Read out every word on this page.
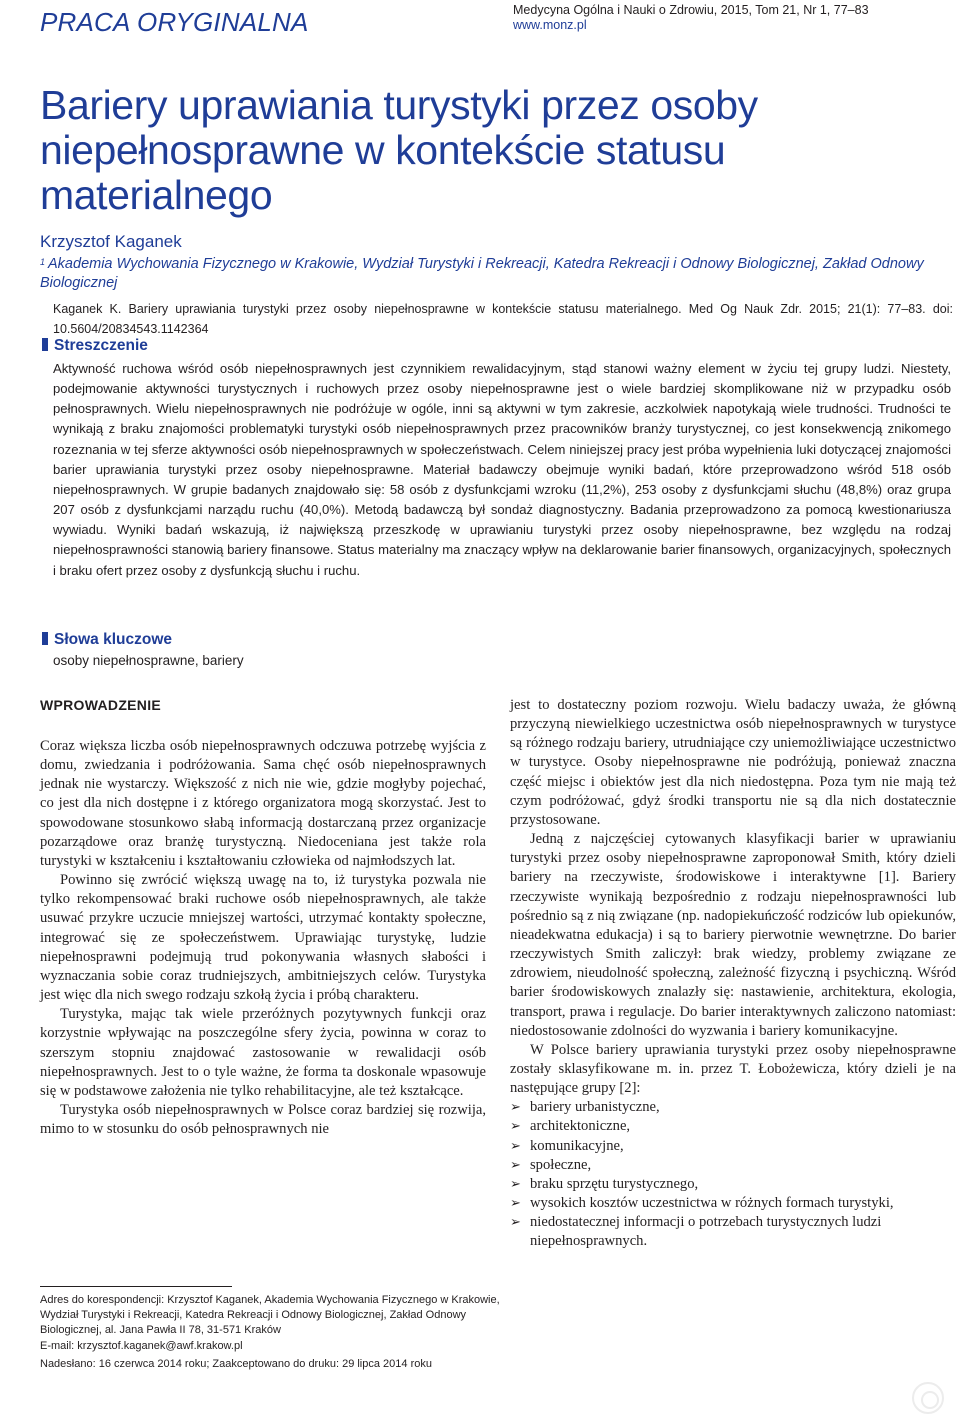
PRACA ORYGINALNA	Medycyna Ogólna i Nauki o Zdrowiu, 2015, Tom 21, Nr 1, 77–83
www.monz.pl
Bariery uprawiania turystyki przez osoby niepełnosprawne w kontekście statusu materialnego
Krzysztof Kaganek
$^1$ Akademia Wychowania Fizycznego w Krakowie, Wydział Turystyki i Rekreacji, Katedra Rekreacji i Odnowy Biologicznej, Zakład Odnowy Biologicznej
Kaganek K. Bariery uprawiania turystyki przez osoby niepełnosprawne w kontekście statusu materialnego. Med Og Nauk Zdr. 2015; 21(1): 77–83. doi: 10.5604/20834543.1142364
Streszczenie

Aktywność ruchowa wśród osób niepełnosprawnych jest czynnikiem rewalidacyjnym, stąd stanowi ważny element w życiu tej grupy ludzi. Niestety, podejmowanie aktywności turystycznych i ruchowych przez osoby niepełnosprawne jest o wiele bardziej skomplikowane niż w przypadku osób pełnosprawnych. Wielu niepełnosprawnych nie podróżuje w ogóle, inni są aktywni w tym zakresie, aczkolwiek napotykają wiele trudności. Trudności te wynikają z braku znajomości problematyki turystyki osób niepełnosprawnych przez pracowników branży turystycznej, co jest konsekwencją znikomego rozeznania w tej sferze aktywności osób niepełnosprawnych w społeczeństwach. Celem niniejszej pracy jest próba wypełnienia luki dotyczącej znajomości barier uprawiania turystyki przez osoby niepełnosprawne. Materiał badawczy obejmuje wyniki badań, które przeprowadzono wśród 518 osób niepełnosprawnych. W grupie badanych znajdowało się: 58 osób z dysfunkcjami wzroku (11,2%), 253 osoby z dysfunkcjami słuchu (48,8%) oraz grupa 207 osób z dysfunkcjami narządu ruchu (40,0%). Metodą badawczą był sondaż diagnostyczny. Badania przeprowadzono za pomocą kwestionariusza wywiadu. Wyniki badań wskazują, iż największą przeszkodę w uprawianiu turystyki przez osoby niepełnosprawne, bez względu na rodzaj niepełnosprawności stanowią bariery finansowe. Status materialny ma znaczący wpływ na deklarowanie barier finansowych, organizacyjnych, społecznych i braku ofert przez osoby z dysfunkcją słuchu i ruchu.

Słowa kluczowe
osoby niepełnosprawne, bariery
WPROWADZENIE

Coraz większa liczba osób niepełnosprawnych odczuwa potrzebę wyjścia z domu, zwiedzania i podróżowania. Sama chęć osób niepełnosprawnych jednak nie wystarczy. Większość z nich nie wie, gdzie mogłyby pojechać, co jest dla nich dostępne i z którego organizatora mogą skorzystać. Jest to spowodowane stosunkowo słabą informacją dostarczaną przez organizacje pozarządowe oraz branżę turystyczną. Niedoceniana jest także rola turystyki w kształceniu i kształtowaniu człowieka od najmłodszych lat.

Powinno się zwrócić większą uwagę na to, iż turystyka pozwala nie tylko rekompensować braki ruchowe osób niepełnosprawnych, ale także usuwać przykre uczucie mniejszej wartości, utrzymać kontakty społeczne, integrować się ze społeczeństwem. Uprawiając turystykę, ludzie niepełnosprawni podejmują trud pokonywania własnych słabości i wyznaczania sobie coraz trudniejszych, ambitniejszych celów. Turystyka jest więc dla nich swego rodzaju szkołą życia i próbą charakteru.

Turystyka, mając tak wiele przeróżnych pozytywnych funkcji oraz korzystnie wpływając na poszczególne sfery życia, powinna w coraz to szerszym stopniu znajdować zastosowanie w rewalidacji osób niepełnosprawnych. Jest to o tyle ważne, że forma ta doskonale wpasowuje się w podstawowe założenia nie tylko rehabilitacyjne, ale też kształcące.

Turystyka osób niepełnosprawnych w Polsce coraz bardziej się rozwija, mimo to w stosunku do osób pełnosprawnych nie

jest to dostateczny poziom rozwoju. Wielu badaczy uważa, że główną przyczyną niewielkiego uczestnictwa osób niepełnosprawnych w turystyce są różnego rodzaju bariery, utrudniające czy uniemożliwiające uczestnictwo w turystyce. Osoby niepełnosprawne nie podróżują, ponieważ znaczna część miejsc i obiektów jest dla nich niedostępna. Poza tym nie mają też czym podróżować, gdyż środki transportu nie są dla nich dostatecznie przystosowane.

Jedną z najczęściej cytowanych klasyfikacji barier w uprawianiu turystyki przez osoby niepełnosprawne zaproponował Smith, który dzieli bariery na rzeczywiste, środowiskowe i interaktywne [1]. Bariery rzeczywiste wynikają bezpośrednio z rodzaju niepełnosprawności lub pośrednio są z nią związane (np. nadopiekuńczość rodziców lub opiekunów, nieadekwatna edukacja) i są to bariery pierwotnie wewnętrzne. Do barier rzeczywistych Smith zaliczył: brak wiedzy, problemy związane ze zdrowiem, nieudolność społeczną, zależność fizyczną i psychiczną. Wśród barier środowiskowych znalazły się: nastawienie, architektura, ekologia, transport, prawa i regulacje. Do barier interaktywnych zaliczono natomiast: niedostosowanie zdolności do wyzwania i bariery komunikacyjne.

W Polsce bariery uprawiania turystyki przez osoby niepełnosprawne zostały sklasyfikowane m. in. przez T. Łobożewicza, który dzieli je na następujące grupy [2]:

➢ bariery urbanistyczne,
➢ architektoniczne,
➢ komunikacyjne,
➢ społeczne,
➢ braku sprzętu turystycznego,
➢ wysokich kosztów uczestnictwa w różnych formach turystyki,
➢ niedostatecznej informacji o potrzebach turystycznych ludzi niepełnosprawnych.
Adres do korespondencji: Krzysztof Kaganek, Akademia Wychowania Fizycznego w Krakowie, Wydział Turystyki i Rekreacji, Katedra Rekreacji i Odnowy Biologicznej, Zakład Odnowy Biologicznej, al. Jana Pawła II 78, 31-571 Kraków
E-mail: krzysztof.kaganek@awf.krakow.pl
Nadesłano: 16 czerwca 2014 roku; Zaakceptowano do druku: 29 lipca 2014 roku
